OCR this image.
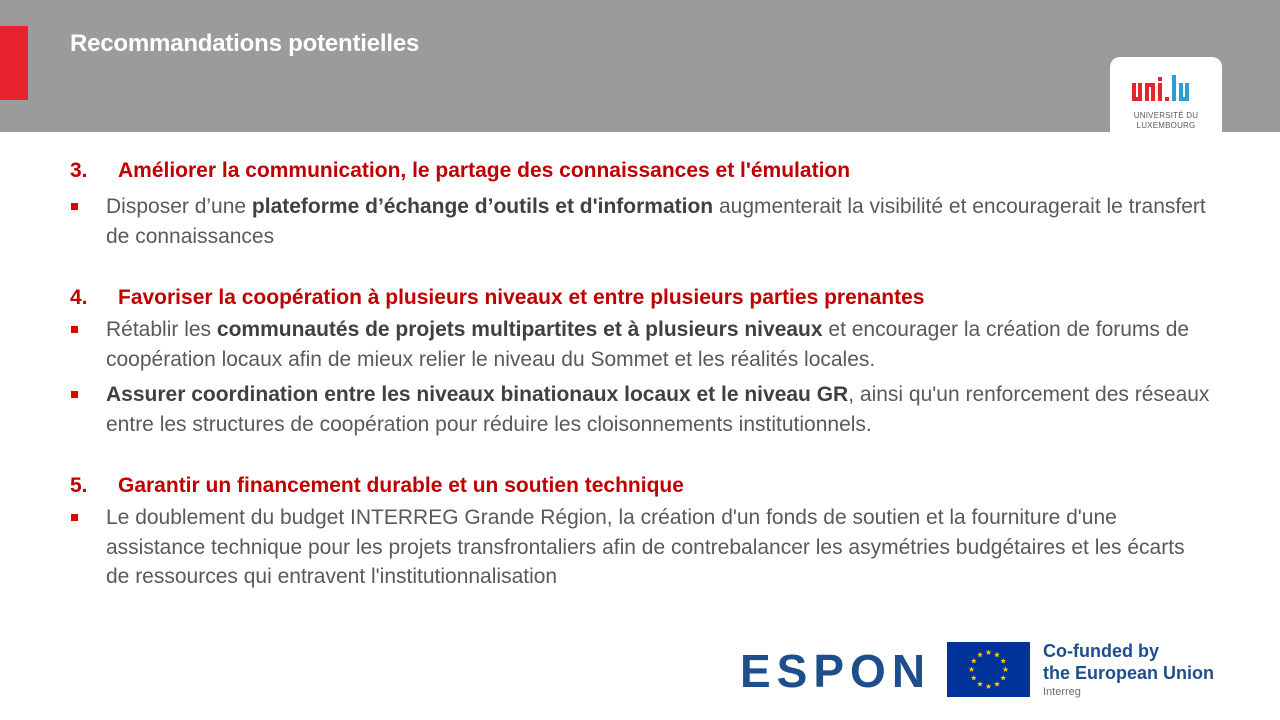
Recommandations potentielles
UNIVERSITÉ DU
LUXEMBOURG
3.	Améliorer la communication, le partage des connaissances et l'émulation
Disposer d’une plateforme d’échange d’outils et d'information augmenterait la visibilité et encouragerait le transfert de connaissances
4.	Favoriser la coopération à plusieurs niveaux et entre plusieurs parties prenantes
Rétablir les communautés de projets multipartites et à plusieurs niveaux et encourager la création de forums de coopération locaux afin de mieux relier le niveau du Sommet et les réalités locales.
Assurer coordination entre les niveaux binationaux locaux et le niveau GR, ainsi qu'un renforcement des réseaux entre les structures de coopération pour réduire les cloisonnements institutionnels.
5.	Garantir un financement durable et un soutien technique
Le doublement du budget INTERREG Grande Région, la création d'un fonds de soutien et la fourniture d'une assistance technique pour les projets transfrontaliers afin de contrebalancer les asymétries budgétaires et les écarts de ressources qui entravent l'institutionnalisation
ESPON	Co-funded by
the European Union
Interreg
